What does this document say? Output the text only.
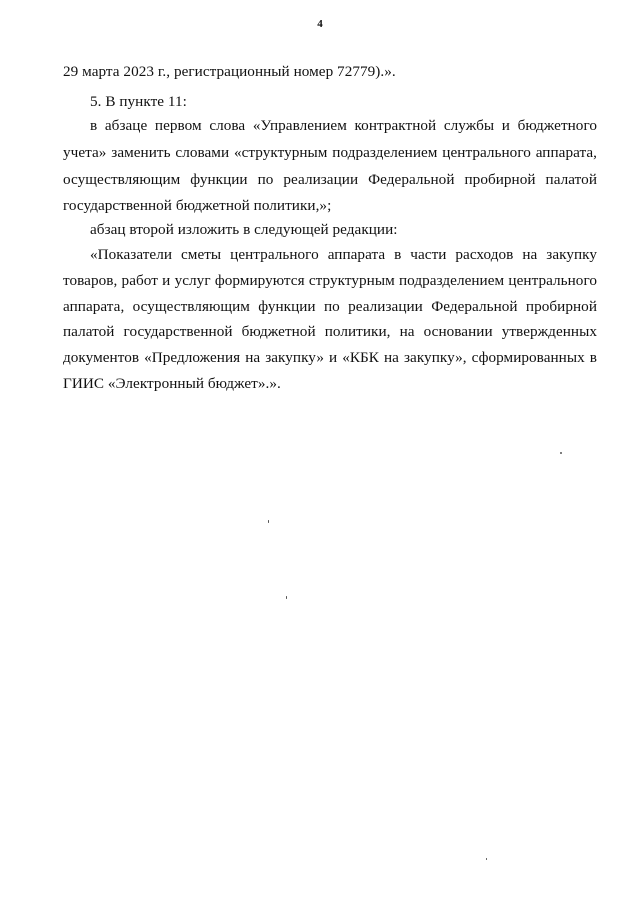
4
29 марта 2023 г., регистрационный номер 72779).».
5. В пункте 11:
в абзаце первом слова «Управлением контрактной службы и бюджетного
учета» заменить словами «структурным подразделением центрального аппарата,
осуществляющим функции по реализации Федеральной пробирной палатой
государственной бюджетной политики,»;
абзац второй изложить в следующей редакции:
«Показатели сметы центрального аппарата в части расходов на закупку
товаров, работ и услуг формируются структурным подразделением центрального
аппарата, осуществляющим функции по реализации Федеральной пробирной
палатой государственной бюджетной политики, на основании утвержденных
документов «Предложения на закупку» и «КБК на закупку», сформированных в
ГИИС «Электронный бюджет».».
